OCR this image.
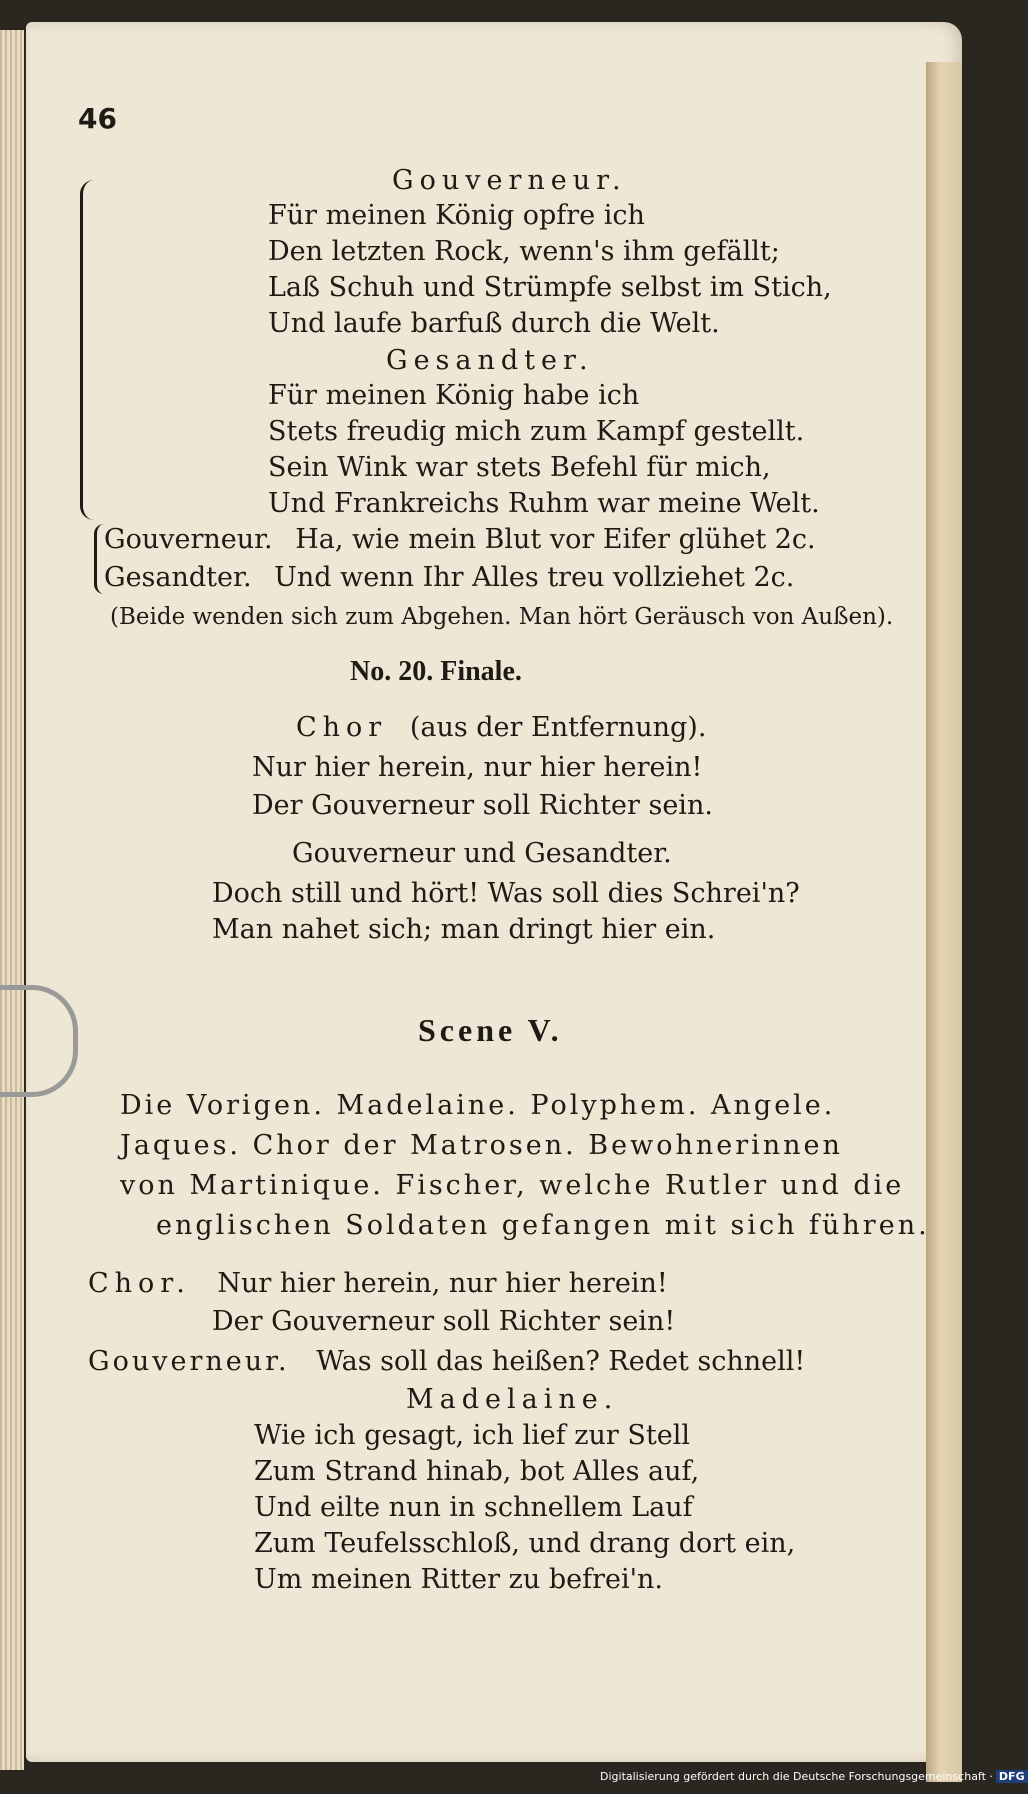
46
Gouverneur.
Für meinen König opfre ich
Den letzten Rock, wenn's ihm gefällt;
Laß Schuh und Strümpfe selbst im Stich,
Und laufe barfuß durch die Welt.
Gesandter.
Für meinen König habe ich
Stets freudig mich zum Kampf gestellt.
Sein Wink war stets Befehl für mich,
Und Frankreichs Ruhm war meine Welt.
Gouverneur. Ha, wie mein Blut vor Eifer glühet 2c.
Gesandter. Und wenn Ihr Alles treu vollziehet 2c.
(Beide wenden sich zum Abgehen. Man hört Geräusch von Außen).
No. 20. Finale.
Chor (aus der Entfernung).
Nur hier herein, nur hier herein!
Der Gouverneur soll Richter sein.
Gouverneur und Gesandter.
Doch still und hört! Was soll dies Schrei'n?
Man nahet sich; man dringt hier ein.
Scene V.
Die Vorigen. Madelaine. Polyphem. Angele.
Jaques. Chor der Matrosen. Bewohnerinnen
von Martinique. Fischer, welche Rutler und die
englischen Soldaten gefangen mit sich führen.
Chor. Nur hier herein, nur hier herein!
Der Gouverneur soll Richter sein!
Gouverneur. Was soll das heißen? Redet schnell!
Madelaine.
Wie ich gesagt, ich lief zur Stell
Zum Strand hinab, bot Alles auf,
Und eilte nun in schnellem Lauf
Zum Teufelsschloß, und drang dort ein,
Um meinen Ritter zu befrei'n.
Digitalisierung gefördert durch die Deutsche Forschungsgemeinschaft · DFG
